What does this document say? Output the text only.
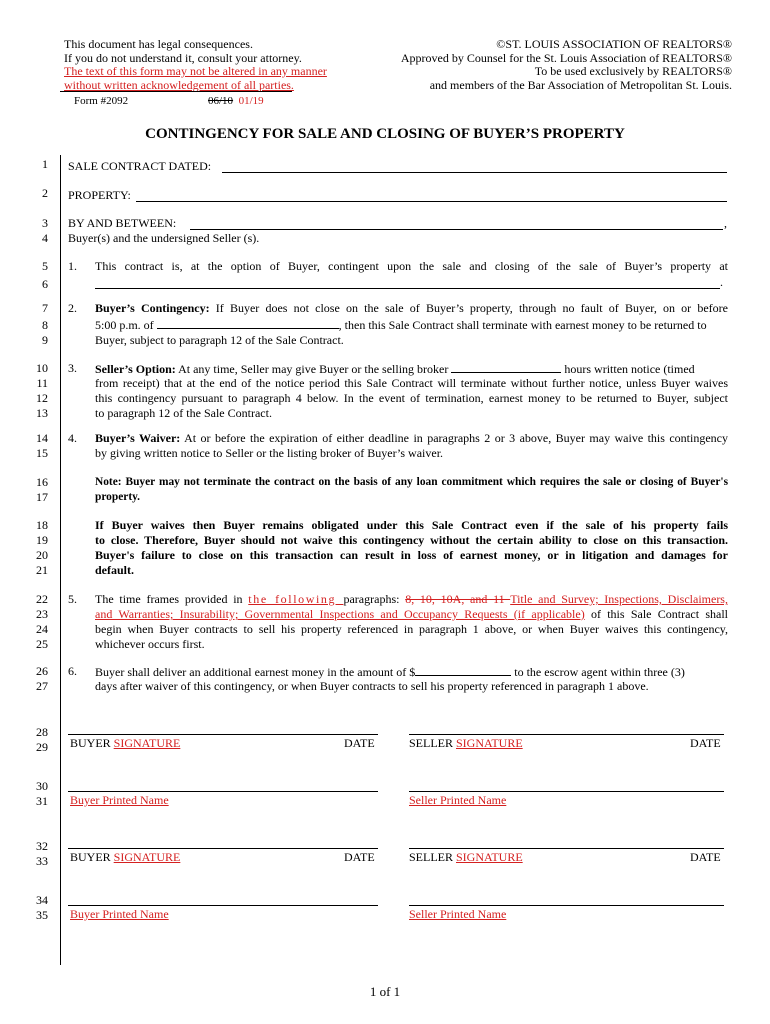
This document has legal consequences.
If you do not understand it, consult your attorney.
The text of this form may not be altered in any manner
without written acknowledgement of all parties.
Form #2092	06/10 01/19
©ST. LOUIS ASSOCIATION OF REALTORS®
Approved by Counsel for the St. Louis Association of REALTORS®
To be used exclusively by REALTORS®
and members of the Bar Association of Metropolitan St. Louis.
CONTINGENCY FOR SALE AND CLOSING OF BUYER’S PROPERTY
1
2
3
4
5
6
7
8
9
10
11
12
13
14
15
16
17
18
19
20
21
22
23
24
25
26
27
28
29
30
31
32
33
34
35
SALE CONTRACT DATED:
PROPERTY:
BY AND BETWEEN:	,
Buyer(s) and the undersigned Seller (s).
1. This contract is, at the option of Buyer, contingent upon the sale and closing of the sale of Buyer’s property at
.
2. Buyer’s Contingency: If Buyer does not close on the sale of Buyer’s property, through no fault of Buyer, on or before
5:00 p.m. of	, then this Sale Contract shall terminate with earnest money to be returned to
Buyer, subject to paragraph 12 of the Sale Contract.
3. Seller’s Option: At any time, Seller may give Buyer or the selling broker	hours written notice (timed
from receipt) that at the end of the notice period this Sale Contract will terminate without further notice, unless Buyer waives
this contingency pursuant to paragraph 4 below. In the event of termination, earnest money to be returned to Buyer, subject
to paragraph 12 of the Sale Contract.
4. Buyer’s Waiver: At or before the expiration of either deadline in paragraphs 2 or 3 above, Buyer may waive this contingency
by giving written notice to Seller or the listing broker of Buyer’s waiver.
Note: Buyer may not terminate the contract on the basis of any loan commitment which requires the sale or closing of Buyer's
property.
If Buyer waives then Buyer remains obligated under this Sale Contract even if the sale of his property fails
to close. Therefore, Buyer should not waive this contingency without the certain ability to close on this transaction.
Buyer's failure to close on this transaction can result in loss of earnest money, or in litigation and damages for
default.
5. The time frames provided in the following paragraphs: 8, 10, 10A, and 11 Title and Survey; Inspections, Disclaimers,
and Warranties; Insurability; Governmental Inspections and Occupancy Requests (if applicable) of this Sale Contract shall
begin when Buyer contracts to sell his property referenced in paragraph 1 above, or when Buyer waives this contingency,
whichever occurs first.
6. Buyer shall deliver an additional earnest money in the amount of $	to the escrow agent within three (3)
days after waiver of this contingency, or when Buyer contracts to sell his property referenced in paragraph 1 above.
BUYER SIGNATURE	DATE	SELLER SIGNATURE	DATE
Buyer Printed Name	Seller Printed Name
BUYER SIGNATURE	DATE	SELLER SIGNATURE	DATE
Buyer Printed Name	Seller Printed Name
1 of 1
